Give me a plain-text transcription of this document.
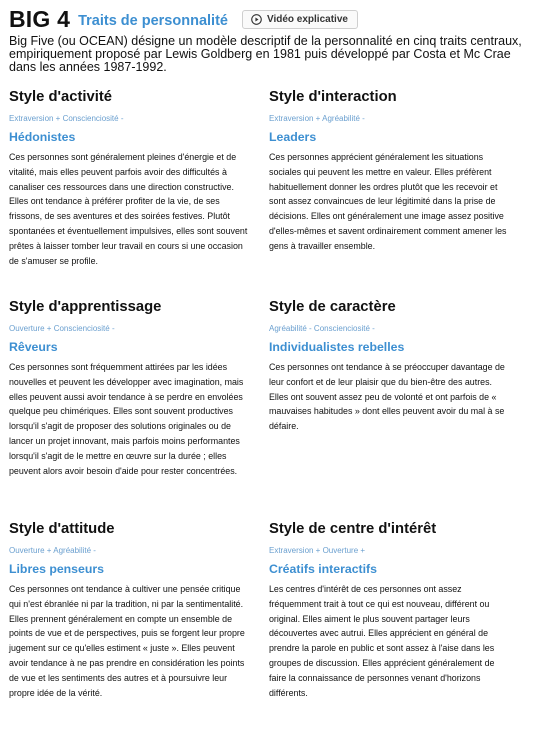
BIG 4 Traits de personnalité	Vidéo explicative
Big Five (ou OCEAN) désigne un modèle descriptif de la personnalité en cinq traits centraux, empiriquement proposé par Lewis Goldberg en 1981 puis développé par Costa et Mc Crae dans les années 1987-1992.
Style d'activité
Extraversion + Conscienciosité -
Hédonistes
Ces personnes sont généralement pleines d'énergie et de vitalité, mais elles peuvent parfois avoir des difficultés à canaliser ces ressources dans une direction constructive. Elles ont tendance à préférer profiter de la vie, de ses frissons, de ses aventures et des soirées festives. Plutôt spontanées et éventuellement impulsives, elles sont souvent prêtes à laisser tomber leur travail en cours si une occasion de s'amuser se profile.
Style d'interaction
Extraversion + Agréabilité -
Leaders
Ces personnes apprécient généralement les situations sociales qui peuvent les mettre en valeur. Elles préfèrent habituellement donner les ordres plutôt que les recevoir et sont assez convaincues de leur légitimité dans la prise de décisions. Elles ont généralement une image assez positive d'elles-mêmes et savent ordinairement comment amener les gens à travailler ensemble.
Style d'apprentissage
Ouverture + Conscienciosité -
Rêveurs
Ces personnes sont fréquemment attirées par les idées nouvelles et peuvent les développer avec imagination, mais elles peuvent aussi avoir tendance à se perdre en envolées quelque peu chimériques. Elles sont souvent productives lorsqu'il s'agit de proposer des solutions originales ou de lancer un projet innovant, mais parfois moins performantes lorsqu'il s'agit de le mettre en œuvre sur la durée ; elles peuvent alors avoir besoin d'aide pour rester concentrées.
Style de caractère
Agréabilité - Conscienciosité -
Individualistes rebelles
Ces personnes ont tendance à se préoccuper davantage de leur confort et de leur plaisir que du bien-être des autres. Elles ont souvent assez peu de volonté et ont parfois de « mauvaises habitudes » dont elles peuvent avoir du mal à se défaire.
Style d'attitude
Ouverture + Agréabilité -
Libres penseurs
Ces personnes ont tendance à cultiver une pensée critique qui n'est ébranlée ni par la tradition, ni par la sentimentalité. Elles prennent généralement en compte un ensemble de points de vue et de perspectives, puis se forgent leur propre jugement sur ce qu'elles estiment « juste ». Elles peuvent avoir tendance à ne pas prendre en considération les points de vue et les sentiments des autres et à poursuivre leur propre idée de la vérité.
Style de centre d'intérêt
Extraversion + Ouverture +
Créatifs interactifs
Les centres d'intérêt de ces personnes ont assez fréquemment trait à tout ce qui est nouveau, différent ou original. Elles aiment le plus souvent partager leurs découvertes avec autrui. Elles apprécient en général de prendre la parole en public et sont assez à l'aise dans les groupes de discussion. Elles apprécient généralement de faire la connaissance de personnes venant d'horizons différents.
